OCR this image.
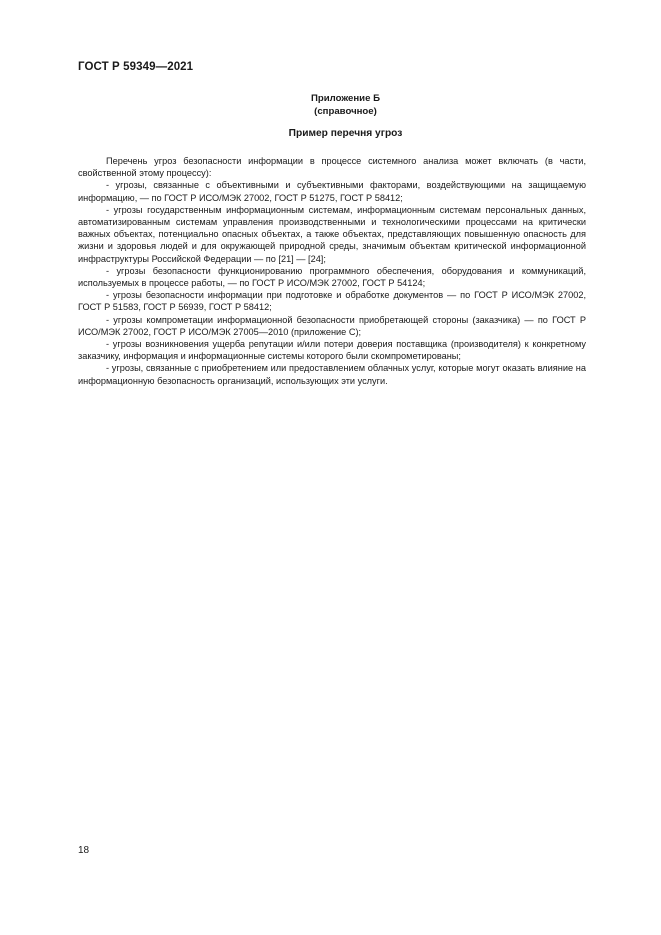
ГОСТ Р 59349—2021
Приложение Б
(справочное)
Пример перечня угроз

Перечень угроз безопасности информации в процессе системного анализа может включать (в части, свойственной этому процессу):

- угрозы, связанные с объективными и субъективными факторами, воздействующими на защищаемую информацию, — по ГОСТ Р ИСО/МЭК 27002, ГОСТ Р 51275, ГОСТ Р 58412;

- угрозы государственным информационным системам, информационным системам персональных данных, автоматизированным системам управления производственными и технологическими процессами на критически важных объектах, потенциально опасных объектах, а также объектах, представляющих повышенную опасность для жизни и здоровья людей и для окружающей природной среды, значимым объектам критической информационной инфраструктуры Российской Федерации — по [21] — [24];

- угрозы безопасности функционированию программного обеспечения, оборудования и коммуникаций, используемых в процессе работы, — по ГОСТ Р ИСО/МЭК 27002, ГОСТ Р 54124;

- угрозы безопасности информации при подготовке и обработке документов — по ГОСТ Р ИСО/МЭК 27002, ГОСТ Р 51583, ГОСТ Р 56939, ГОСТ Р 58412;

- угрозы компрометации информационной безопасности приобретающей стороны (заказчика) — по ГОСТ Р ИСО/МЭК 27002, ГОСТ Р ИСО/МЭК 27005—2010 (приложение С);

- угрозы возникновения ущерба репутации и/или потери доверия поставщика (производителя) к конкретному заказчику, информация и информационные системы которого были скомпрометированы;

- угрозы, связанные с приобретением или предоставлением облачных услуг, которые могут оказать влияние на информационную безопасность организаций, использующих эти услуги.

18
